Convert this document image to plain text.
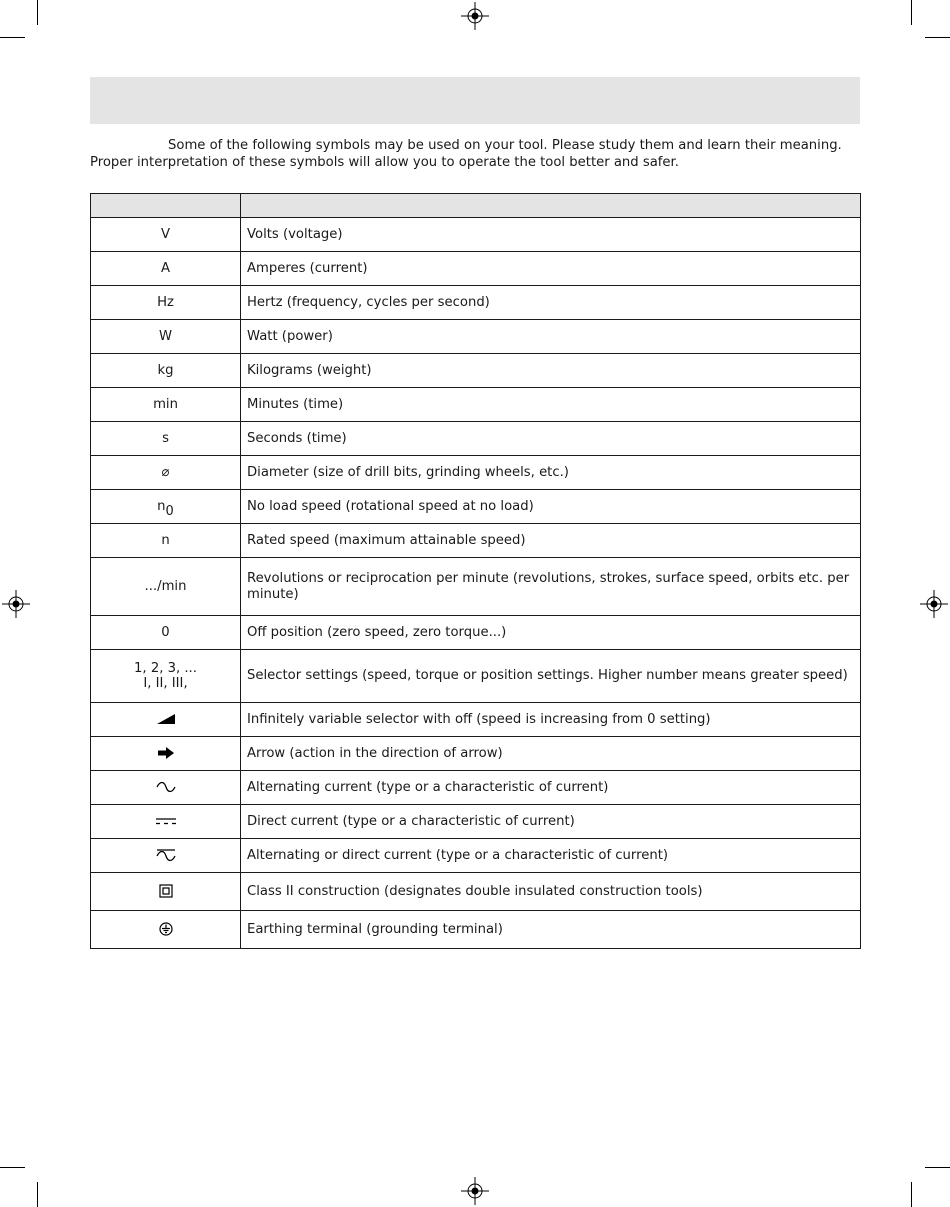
Some of the following symbols may be used on your tool. Please study them and learn their meaning.
Proper interpretation of these symbols will allow you to operate the tool better and safer.

V	Volts (voltage)
A	Amperes (current)
Hz	Hertz (frequency, cycles per second)
W	Watt (power)
kg	Kilograms (weight)
min	Minutes (time)
s	Seconds (time)
⌀	Diameter (size of drill bits, grinding wheels, etc.)
n0	No load speed (rotational speed at no load)
n	Rated speed (maximum attainable speed)
.../min	Revolutions or reciprocation per minute (revolutions, strokes, surface speed, orbits etc. per minute)
0	Off position (zero speed, zero torque...)

1, 2, 3, ...
I, II, III,	Selector settings (speed, torque or position settings. Higher number means greater speed)
	Infinitely variable selector with off (speed is increasing from 0 setting)
	Arrow (action in the direction of arrow)
	Alternating current (type or a characteristic of current)
	Direct current (type or a characteristic of current)
	Alternating or direct current (type or a characteristic of current)
	Class II construction (designates double insulated construction tools)
	Earthing terminal (grounding terminal)
